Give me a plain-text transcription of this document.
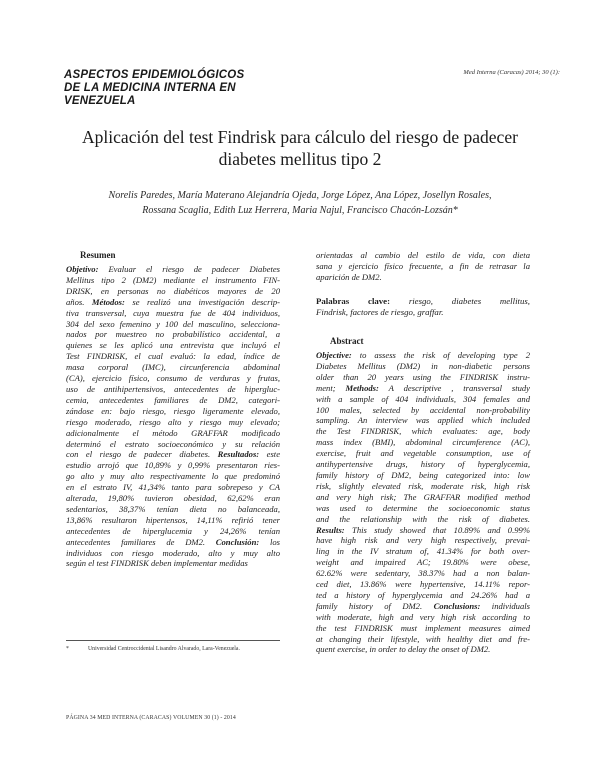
ASPECTOS EPIDEMIOLÓGICOS
DE LA MEDICINA INTERNA EN
VENEZUELA
Med Interna (Caracas) 2014; 30 (1):
Aplicación del test Findrisk para cálculo del riesgo de padecer
diabetes mellitus tipo 2
Norelis Paredes, María Materano Alejandría Ojeda, Jorge López, Ana López, Josellyn Rosales,
Rossana Scaglia, Edith Luz Herrera, Maria Najul, Francisco Chacón-Lozsán*
Resumen
Objetivo: Evaluar el riesgo de padecer Diabetes
Mellitus tipo 2 (DM2) mediante el instrumento FIN-
DRISK, en personas no diabéticos mayores de 20
años. Métodos: se realizó una investigación descrip-
tiva transversal, cuya muestra fue de 404 individuos,
304 del sexo femenino y 100 del masculino, selecciona-
nados por muestreo no probabilístico accidental, a
quienes se les aplicó una entrevista que incluyó el
Test FINDRISK, el cual evaluó: la edad, índice de
masa corporal (IMC), circunferencia abdominal
(CA), ejercicio físico, consumo de verduras y frutas,
uso de antihipertensivos, antecedentes de hipergluc-
cemia, antecedentes familiares de DM2, categori-
zándose en: bajo riesgo, riesgo ligeramente elevado,
riesgo moderado, riesgo alto y riesgo muy elevado;
adicionalmente el método GRAFFAR modificado
determinó el estrato socioeconómico y su relación
con el riesgo de padecer diabetes. Resultados: este
estudio arrojó que 10,89% y 0,99% presentaron ries-
go alto y muy alto respectivamente lo que predominó
en el estrato IV, 41,34% tanto para sobrepeso y CA
alterada, 19,80% tuvieron obesidad, 62,62% eran
sedentarios, 38,37% tenían dieta no balanceada,
13,86% resultaron hipertensos, 14,11% refirió tener
antecedentes de hiperglucemia y 24,26% tenían
antecedentes familiares de DM2. Conclusión: los
individuos con riesgo moderado, alto y muy alto
según el test FINDRISK deben implementar medidas
orientadas al cambio del estilo de vida, con dieta
sana y ejercicio físico frecuente, a fin de retrasar la
aparición de DM2.
Palabras clave: riesgo, diabetes mellitus,
Findrisk, factores de riesgo, graffar.
Abstract
Objective: to assess the risk of developing type 2
Diabetes Mellitus (DM2) in non-diabetic persons
older than 20 years using the FINDRISK instru-
ment; Methods: A descriptive , transversal study
with a sample of 404 individuals, 304 females and
100 males, selected by accidental non-probability
sampling. An interview was applied which included
the Test FINDRISK, which evaluates: age, body
mass index (BMI), abdominal circumference (AC),
exercise, fruit and vegetable consumption, use of
antihypertensive drugs, history of hyperglycemia,
family history of DM2, being categorized into: low
risk, slightly elevated risk, moderate risk, high risk
and very high risk; The GRAFFAR modified method
was used to determine the socioeconomic status
and the relationship with the risk of diabetes.
Results: This study showed that 10.89% and 0.99%
have high risk and very high respectively, prevai-
ling in the IV stratum of, 41.34% for both over-
weight and impaired AC; 19.80% were obese,
62.62% were sedentary, 38.37% had a non balan-
ced diet, 13.86% were hypertensive, 14.11% repor-
ted a history of hyperglycemia and 24.26% had a
family history of DM2. Conclusions: individuals
with moderate, high and very high risk according to
the test FINDRISK must implement measures aimed
at changing their lifestyle, with healthy diet and fre-
quent exercise, in order to delay the onset of DM2.
*	Universidad Centroccidental Lisandro Alvarado, Lara-Venezuela.
PÁGINA 34 MED INTERNA (CARACAS) VOLUMEN 30 (1) - 2014
